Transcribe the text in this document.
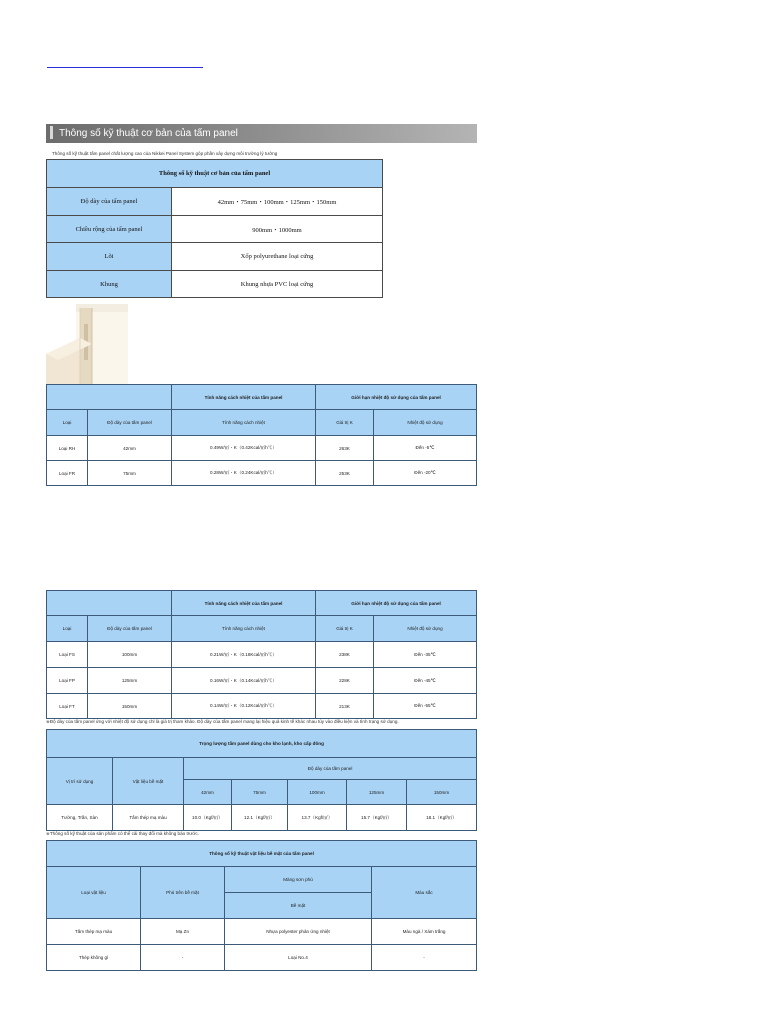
Thông số kỹ thuật cơ bản của tấm panel
Thông số kỹ thuật tấm panel chất lượng cao của Nikkei Panel System góp phần xây dựng môi trường lý tưởng
Thông số kỹ thuật cơ bản của tấm panel	
Độ dày của tấm panel	42mm・75mm・100mm・125mm・150mm
Chiều rộng của tấm panel	900mm・1000mm
Lõi	Xốp polyurethane loại cứng
Khung	Khung nhựa PVC loại cứng
		Tính năng cách nhiệt của tấm panel	Giới hạn nhiệt độ sử dụng của tấm panel	
Loại	Độ dày của tấm panel	Tính năng cách nhiệt	Giá trị K	Nhiệt độ sử dụng
Loại RH	42mm	0.49W/㎡・K（0.42Kcal/㎡h℃）	263K	Đến -5℃
Loại FR	75mm	0.28W/㎡・K（0.24Kcal/㎡h℃）	253K	Đến -20℃
		Tính năng cách nhiệt của tấm panel	Giới hạn nhiệt độ sử dụng của tấm panel	
Loại	Độ dày của tấm panel	Tính năng cách nhiệt	Giá trị K	Nhiệt độ sử dụng
Loại FS	100mm	0.21W/㎡・K（0.18Kcal/㎡h℃）	238K	Đến -35℃
Loại FP	125mm	0.16W/㎡・K（0.14Kcal/㎡h℃）	228K	Đến -45℃
Loại FT	150mm	0.14W/㎡・K（0.12Kcal/㎡h℃）	213K	Đến -55℃
※Độ dày của tấm panel ứng với nhiệt độ sử dụng chỉ là giá trị tham khảo. Độ dày của tấm panel mang lại hiệu quả kinh tế khác nhau tùy vào điều kiện và tình trạng sử dụng.
Trọng lượng tấm panel dùng cho kho lạnh, kho cấp đông						
Vị trí sử dụng	Vật liệu bề mặt	Độ dày của tấm panel				
		42mm	75mm	100mm	125mm	150mm
Tường, Trần, Sàn	Tấm thép mạ màu	10.0（Kgf/㎡）	12.1（Kgf/㎡）	13.7（Kgf/㎡）	15.7（Kgf/㎡）	18.1（Kgf/㎡）
※Thông số kỹ thuật của sản phẩm có thể cải thay đổi mà không báo trước.
Thông số kỹ thuật vật liệu bề mặt của tấm panel			
Loại vật liệu	Phủ trên bề mặt	Màng sơn phủ	Màu sắc
		Bề mặt	
Tấm thép mạ màu	Mạ Zn	Nhựa polyester phản ứng nhiệt	Màu ngà / Xám trắng
Thép không gỉ	-	Loại No.4	-
